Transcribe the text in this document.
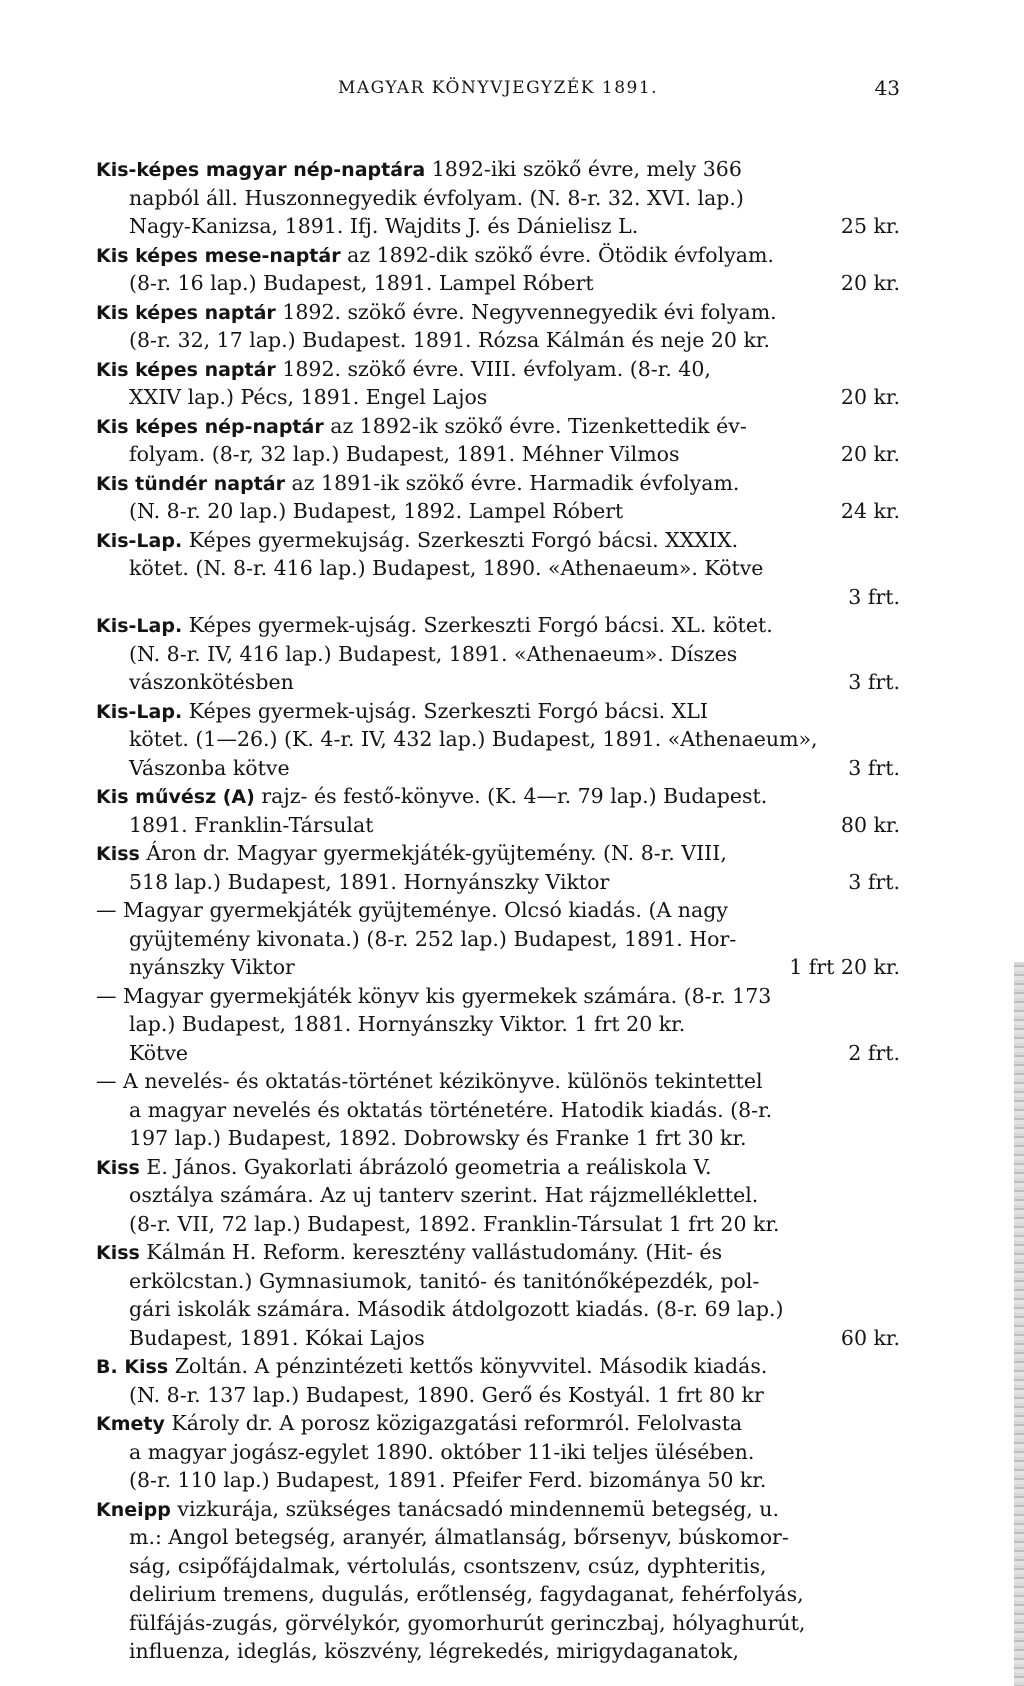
MAGYAR KÖNYVJEGYZÉK 1891.	43
Kis-képes magyar nép-naptára 1892-iki szökő évre, mely 366
napból áll. Huszonnegyedik évfolyam. (N. 8-r. 32. XVI. lap.)
Nagy-Kanizsa, 1891. Ifj. Wajdits J. és Dánielisz L.	25 kr.
Kis képes mese-naptár az 1892-dik szökő évre. Ötödik évfolyam.
(8-r. 16 lap.) Budapest, 1891. Lampel Róbert	20 kr.
Kis képes naptár 1892. szökő évre. Negyvennegyedik évi folyam.
(8-r. 32, 17 lap.) Budapest. 1891. Rózsa Kálmán és neje 20 kr.
Kis képes naptár 1892. szökő évre. VIII. évfolyam. (8-r. 40,
XXIV lap.) Pécs, 1891. Engel Lajos	20 kr.
Kis képes nép-naptár az 1892-ik szökő évre. Tizenkettedik év-
folyam. (8-r, 32 lap.) Budapest, 1891. Méhner Vilmos	20 kr.
Kis tündér naptár az 1891-ik szökő évre. Harmadik évfolyam.
(N. 8-r. 20 lap.) Budapest, 1892. Lampel Róbert	24 kr.
Kis-Lap. Képes gyermekujság. Szerkeszti Forgó bácsi. XXXIX.
kötet. (N. 8-r. 416 lap.) Budapest, 1890. «Athenaeum». Kötve
3 frt.
Kis-Lap. Képes gyermek-ujság. Szerkeszti Forgó bácsi. XL. kötet.
(N. 8-r. IV, 416 lap.) Budapest, 1891. «Athenaeum». Díszes
vászonkötésben	3 frt.
Kis-Lap. Képes gyermek-ujság. Szerkeszti Forgó bácsi. XLI
kötet. (1—26.) (K. 4-r. IV, 432 lap.) Budapest, 1891. «Athenaeum»,
Vászonba kötve	3 frt.
Kis művész (A) rajz- és festő-könyve. (K. 4—r. 79 lap.) Budapest.
1891. Franklin-Társulat	80 kr.
Kiss Áron dr. Magyar gyermekjáték-gyüjtemény. (N. 8-r. VIII,
518 lap.) Budapest, 1891. Hornyánszky Viktor	3 frt.
— Magyar gyermekjáték gyüjteménye. Olcsó kiadás. (A nagy
gyüjtemény kivonata.) (8-r. 252 lap.) Budapest, 1891. Hor-
nyánszky Viktor	1 frt 20 kr.
— Magyar gyermekjáték könyv kis gyermekek számára. (8-r. 173
lap.) Budapest, 1881. Hornyánszky Viktor. 1 frt 20 kr.
Kötve	2 frt.
— A nevelés- és oktatás-történet kézikönyve. különös tekintettel
a magyar nevelés és oktatás történetére. Hatodik kiadás. (8-r.
197 lap.) Budapest, 1892. Dobrowsky és Franke 1 frt 30 kr.
Kiss E. János. Gyakorlati ábrázoló geometria a reáliskola V.
osztálya számára. Az uj tanterv szerint. Hat rájzmelléklettel.
(8-r. VII, 72 lap.) Budapest, 1892. Franklin-Társulat 1 frt 20 kr.
Kiss Kálmán H. Reform. keresztény vallástudomány. (Hit- és
erkölcstan.) Gymnasiumok, tanitó- és tanitónőképezdék, pol-
gári iskolák számára. Második átdolgozott kiadás. (8-r. 69 lap.)
Budapest, 1891. Kókai Lajos	60 kr.
B. Kiss Zoltán. A pénzintézeti kettős könyvvitel. Második kiadás.
(N. 8-r. 137 lap.) Budapest, 1890. Gerő és Kostyál. 1 frt 80 kr
Kmety Károly dr. A porosz közigazgatási reformról. Felolvasta
a magyar jogász-egylet 1890. október 11-iki teljes ülésében.
(8-r. 110 lap.) Budapest, 1891. Pfeifer Ferd. bizományа 50 kr.
Kneipp vizkurája, szükséges tanácsadó mindennemü betegség, u.
m.: Angol betegség, aranyér, álmatlanság, bőrsenyv, búskomor-
ság, csipőfájdalmak, vértolulás, csontszenv, csúz, dyphteritis,
delirium tremens, dugulás, erőtlenség, fagydaganat, fehérfolyás,
fülfájás-zugás, görvélykór, gyomorhurút gerinczbaj, hólyaghurút,
influenza, ideglás, köszvény, légrekedés, mirigydaganatok,
